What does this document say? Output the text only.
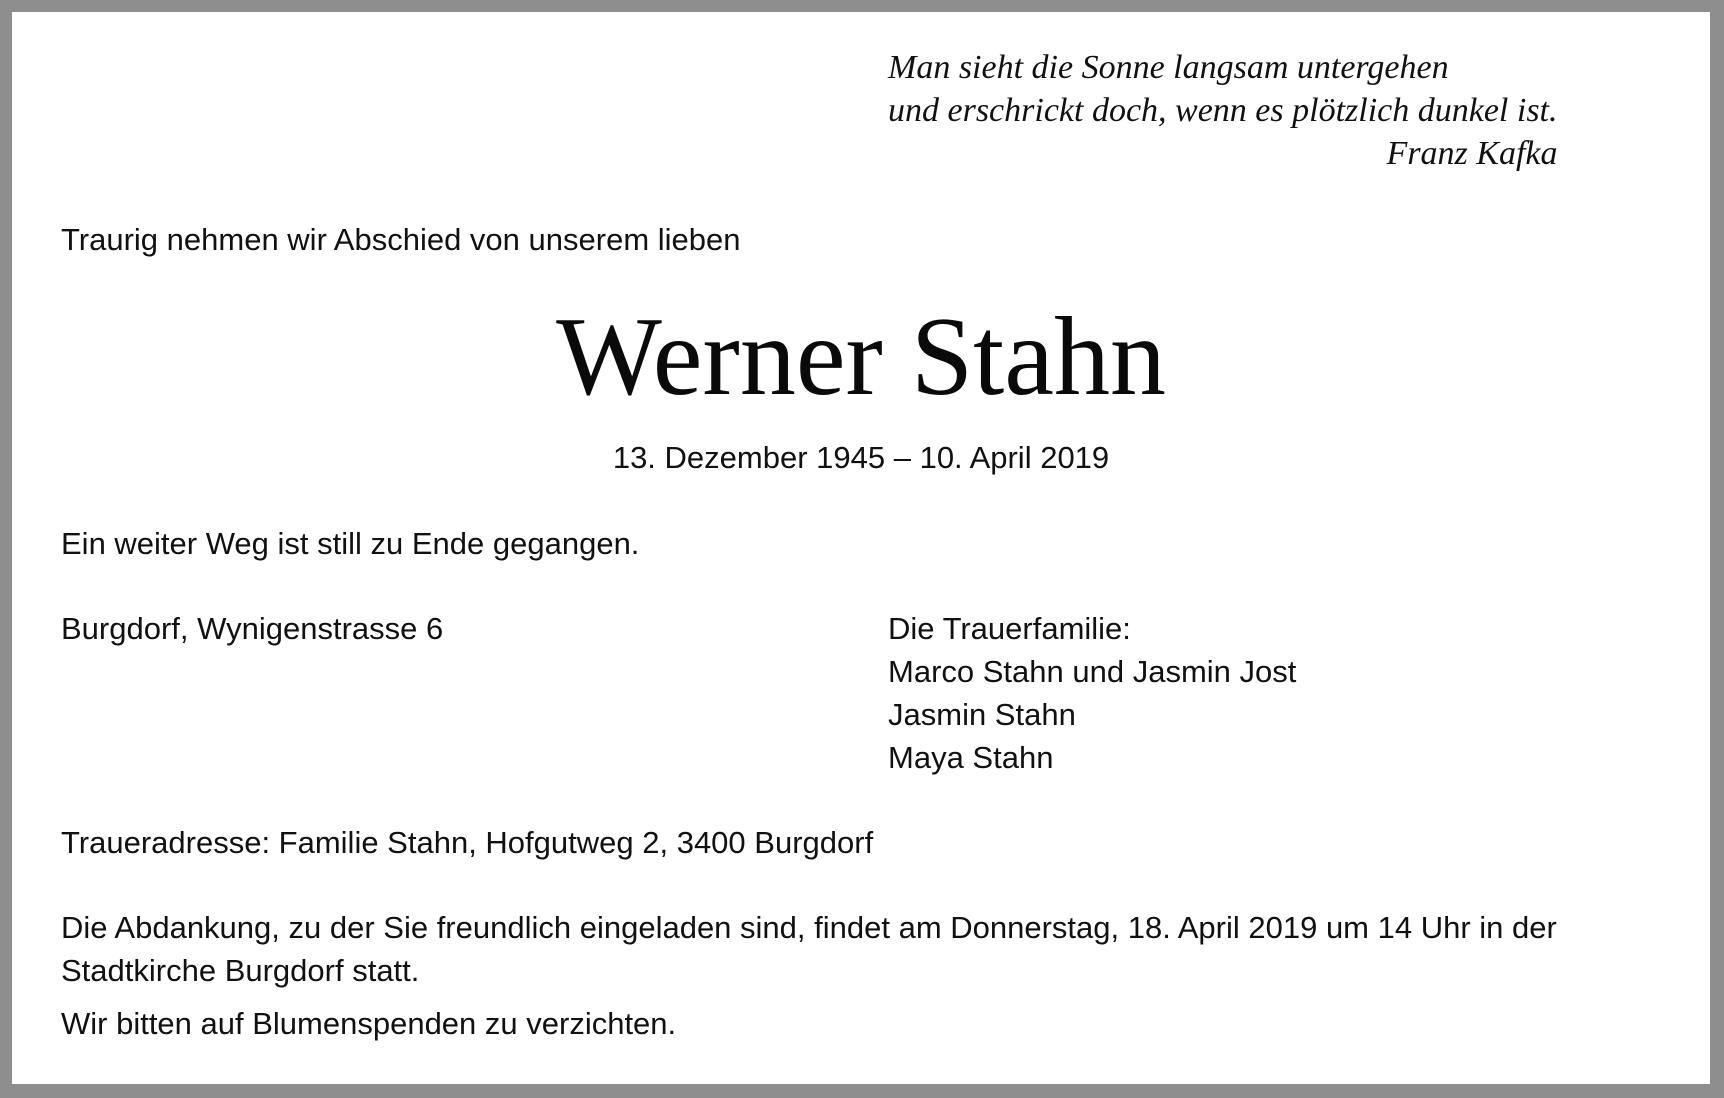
Man sieht die Sonne langsam untergehen
und erschrickt doch, wenn es plötzlich dunkel ist.
Franz Kafka
Traurig nehmen wir Abschied von unserem lieben
Werner Stahn
13. Dezember 1945 – 10. April 2019
Ein weiter Weg ist still zu Ende gegangen.
Burgdorf, Wynigenstrasse 6	Die Trauerfamilie:
Marco Stahn und Jasmin Jost
Jasmin Stahn
Maya Stahn
Traueradresse: Familie Stahn, Hofgutweg 2, 3400 Burgdorf
Die Abdankung, zu der Sie freundlich eingeladen sind, findet am Donnerstag, 18. April 2019 um 14 Uhr in der Stadtkirche Burgdorf statt.
Wir bitten auf Blumenspenden zu verzichten.
